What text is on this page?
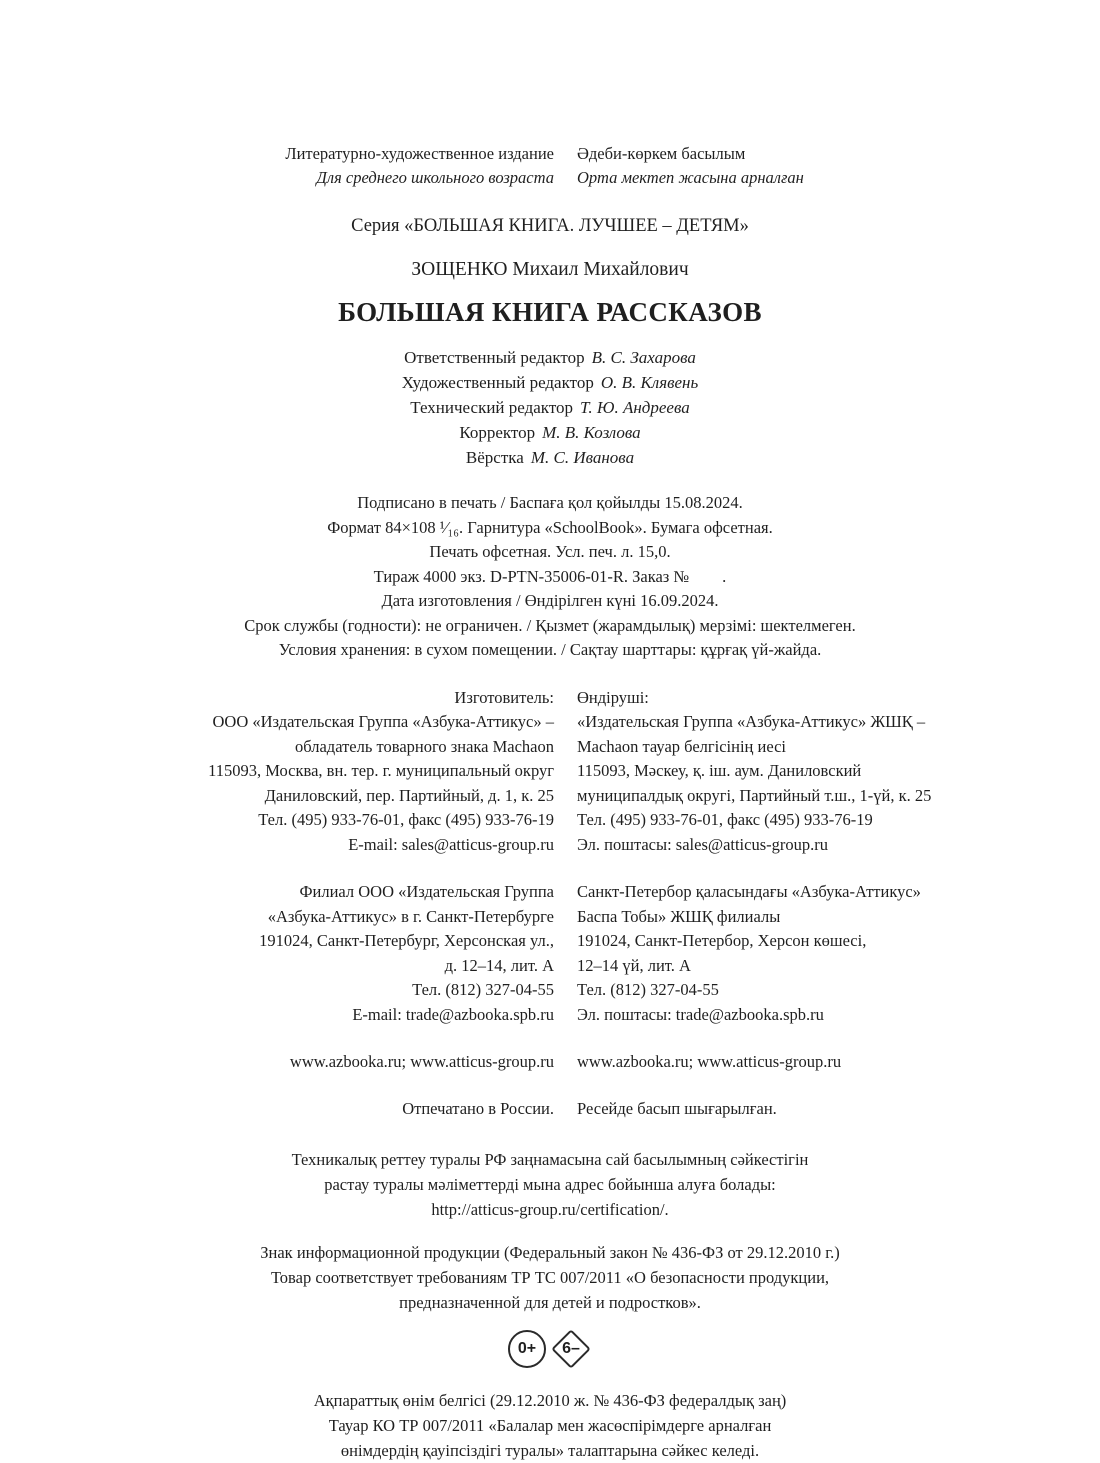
Литературно-художественное издание
Для среднего школьного возраста
Әдеби-көркем басылым
Орта мектеп жасына арналған
Серия «БОЛЬШАЯ КНИГА. ЛУЧШЕЕ – ДЕТЯМ»
ЗОЩЕНКО Михаил Михайлович
БОЛЬШАЯ КНИГА РАССКАЗОВ
Ответственный редактор В. С. Захарова
Художественный редактор О. В. Клявень
Технический редактор Т. Ю. Андреева
Корректор М. В. Козлова
Вёрстка М. С. Иванова
Подписано в печать / Баспаға қол қойылды 15.08.2024.
Формат 84×108 ¹⁄₁₆. Гарнитура «SchoolBook». Бумага офсетная.
Печать офсетная. Усл. печ. л. 15,0.
Тираж 4000 экз. D-PTN-35006-01-R. Заказ №        .
Дата изготовления / Өндірілген күні 16.09.2024.
Срок службы (годности): не ограничен. / Қызмет (жарамдылық) мерзімі: шектелмеген.
Условия хранения: в сухом помещении. / Сақтау шарттары: құрғақ үй-жайда.
Изготовитель:
ООО «Издательская Группа «Азбука-Аттикус» –
обладатель товарного знака Machaon
115093, Москва, вн. тер. г. муниципальный округ
Даниловский, пер. Партийный, д. 1, к. 25
Тел. (495) 933-76-01, факс (495) 933-76-19
E-mail: sales@atticus-group.ru
Өндіруші:
«Издательская Группа «Азбука-Аттикус» ЖШҚ –
Machaon тауар белгісінің иесі
115093, Мәскеу, қ. іш. аум. Даниловский
муниципалдық округі, Партийный т.ш., 1-үй, к. 25
Тел. (495) 933-76-01, факс (495) 933-76-19
Эл. поштасы: sales@atticus-group.ru
Филиал ООО «Издательская Группа
«Азбука-Аттикус» в г. Санкт-Петербурге
191024, Санкт-Петербург, Херсонская ул.,
д. 12–14, лит. А
Тел. (812) 327-04-55
E-mail: trade@azbooka.spb.ru
Санкт-Петербор қаласындағы «Азбука-Аттикус»
Баспа Тобы» ЖШҚ филиалы
191024, Санкт-Петербор, Херсон көшесі,
12–14 үй, лит. А
Тел. (812) 327-04-55
Эл. поштасы: trade@azbooka.spb.ru
www.azbooka.ru; www.atticus-group.ru	www.azbooka.ru; www.atticus-group.ru
Отпечатано в России.	Ресейде басып шығарылған.
Техникалық реттеу туралы РФ заңнамасына сай басылымның сәйкестігін
растау туралы мәліметтерді мына адрес бойынша алуға болады:
http://atticus-group.ru/certification/.
Знак информационной продукции (Федеральный закон № 436-ФЗ от 29.12.2010 г.)
Товар соответствует требованиям ТР ТС 007/2011 «О безопасности продукции,
предназначенной для детей и подростков».
0+ 6–
Ақпараттық өнім белгісі (29.12.2010 ж. № 436-ФЗ федералдық заң)
Тауар КО ТР 007/2011 «Балалар мен жасөспірімдерге арналған
өнімдердің қауіпсіздігі туралы» талаптарына сәйкес келеді.
